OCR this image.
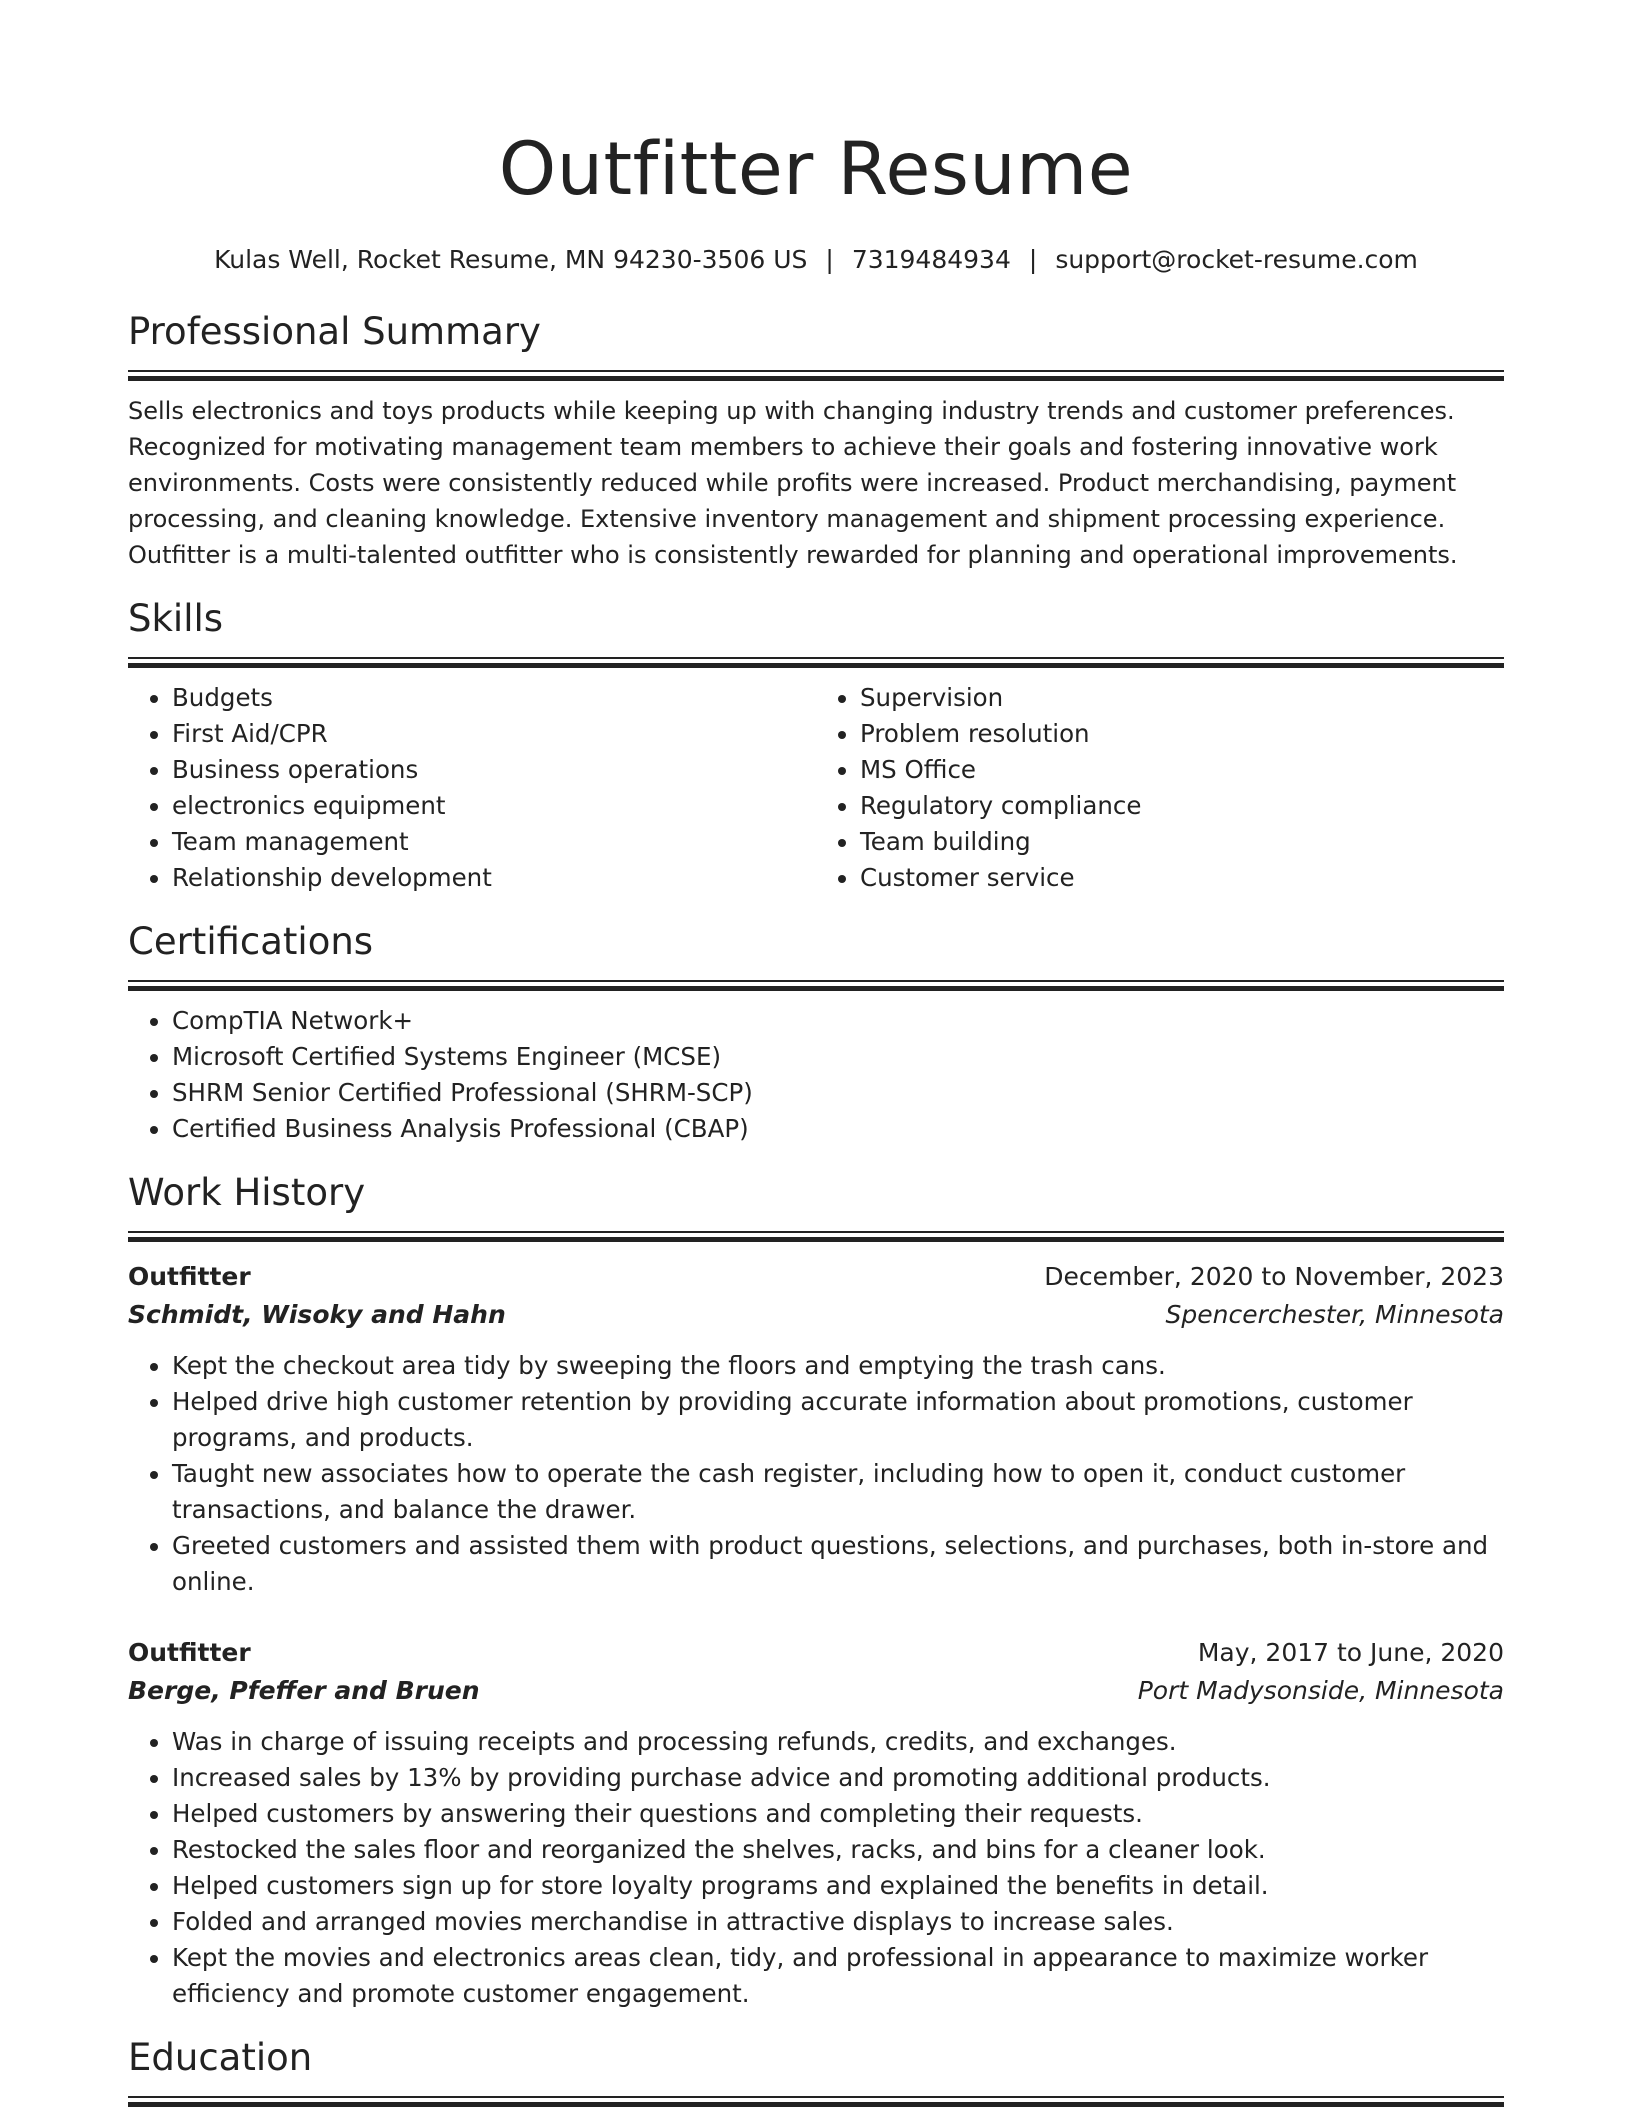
Outfitter Resume
Kulas Well, Rocket Resume, MN 94230-3506 US | 7319484934 | support@rocket-resume.com
Professional Summary

Sells electronics and toys products while keeping up with changing industry trends and customer preferences. Recognized for motivating management team members to achieve their goals and fostering innovative work environments. Costs were consistently reduced while profits were increased. Product merchandising, payment processing, and cleaning knowledge. Extensive inventory management and shipment processing experience. Outfitter is a multi-talented outfitter who is consistently rewarded for planning and operational improvements.

Skills
• Budgets
• First Aid/CPR
• Business operations
• electronics equipment
• Team management
• Relationship development
• Supervision
• Problem resolution
• MS Office
• Regulatory compliance
• Team building
• Customer service
Certifications
• CompTIA Network+
• Microsoft Certified Systems Engineer (MCSE)
• SHRM Senior Certified Professional (SHRM-SCP)
• Certified Business Analysis Professional (CBAP)
Work History
Outfitter	December, 2020 to November, 2023
Schmidt, Wisoky and Hahn	Spencerchester, Minnesota
• Kept the checkout area tidy by sweeping the floors and emptying the trash cans.
• Helped drive high customer retention by providing accurate information about promotions, customer programs, and products.
• Taught new associates how to operate the cash register, including how to open it, conduct customer transactions, and balance the drawer.
• Greeted customers and assisted them with product questions, selections, and purchases, both in-store and online.
Outfitter	May, 2017 to June, 2020
Berge, Pfeffer and Bruen	Port Madysonside, Minnesota
• Was in charge of issuing receipts and processing refunds, credits, and exchanges.
• Increased sales by 13% by providing purchase advice and promoting additional products.
• Helped customers by answering their questions and completing their requests.
• Restocked the sales floor and reorganized the shelves, racks, and bins for a cleaner look.
• Helped customers sign up for store loyalty programs and explained the benefits in detail.
• Folded and arranged movies merchandise in attractive displays to increase sales.
• Kept the movies and electronics areas clean, tidy, and professional in appearance to maximize worker efficiency and promote customer engagement.
Education
